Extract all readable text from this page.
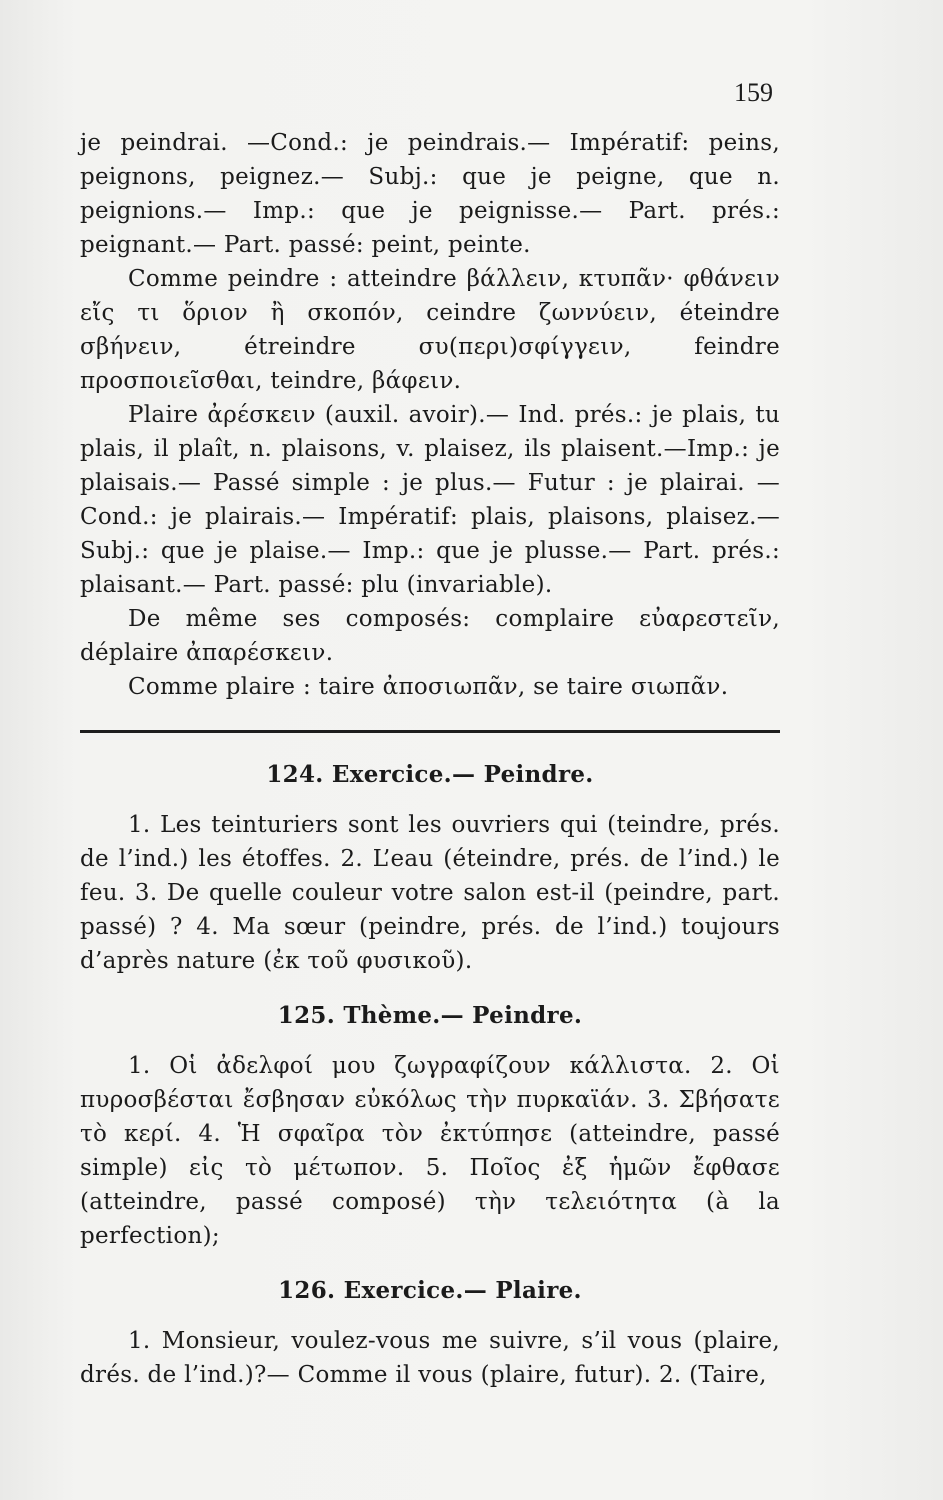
159

je peindrai. —Cond.: je peindrais.— Impératif: peins, peignons, peignez.— Subj.: que je peigne, que n. peignions.— Imp.: que je peignisse.— Part. prés.: peignant.— Part. passé: peint, peinte.

Comme peindre : atteindre βάλλειν, κτυπᾶν· φθάνειν εἴς τι ὅριον ἢ σκοπόν, ceindre ζωννύειν, éteindre σβήνειν, étreindre συ(περι)σφίγγειν, feindre προσποιεῖσθαι, teindre, βάφειν.

Plaire ἀρέσκειν (auxil. avoir).— Ind. prés.: je plais, tu plais, il plaît, n. plaisons, v. plaisez, ils plaisent.—Imp.: je plaisais.— Passé simple : je plus.— Futur : je plairai. — Cond.: je plairais.— Impératif: plais, plaisons, plaisez.— Subj.: que je plaise.— Imp.: que je plusse.— Part. prés.: plaisant.— Part. passé: plu (invariable).

De même ses composés: complaire εὐαρεστεῖν, déplaire ἀπαρέσκειν.

Comme plaire : taire ἀποσιωπᾶν, se taire σιωπᾶν.

124. Exercice.— Peindre.

1. Les teinturiers sont les ouvriers qui (teindre, prés. de l’ind.) les étoffes. 2. L’eau (éteindre, prés. de l’ind.) le feu. 3. De quelle couleur votre salon est-il (peindre, part. passé) ? 4. Ma sœur (peindre, prés. de l’ind.) toujours d’après nature (ἐκ τοῦ φυσικοῦ).

125. Thème.— Peindre.

1. Οἱ ἀδελφοί μου ζωγραφίζουν κάλλιστα. 2. Οἱ πυροσβέσται ἔσβησαν εὐκόλως τὴν πυρκαϊάν. 3. Σβήσατε τὸ κερί. 4. Ἡ σφαῖρα τὸν ἐκτύπησε (atteindre, passé simple) εἰς τὸ μέτωπον. 5. Ποῖος ἐξ ἡμῶν ἔφθασε (atteindre, passé composé) τὴν τελειότητα (à la perfection);

126. Exercice.— Plaire.

1. Monsieur, voulez-vous me suivre, s’il vous (plaire, drés. de l’ind.)?— Comme il vous (plaire, futur). 2. (Taire,
